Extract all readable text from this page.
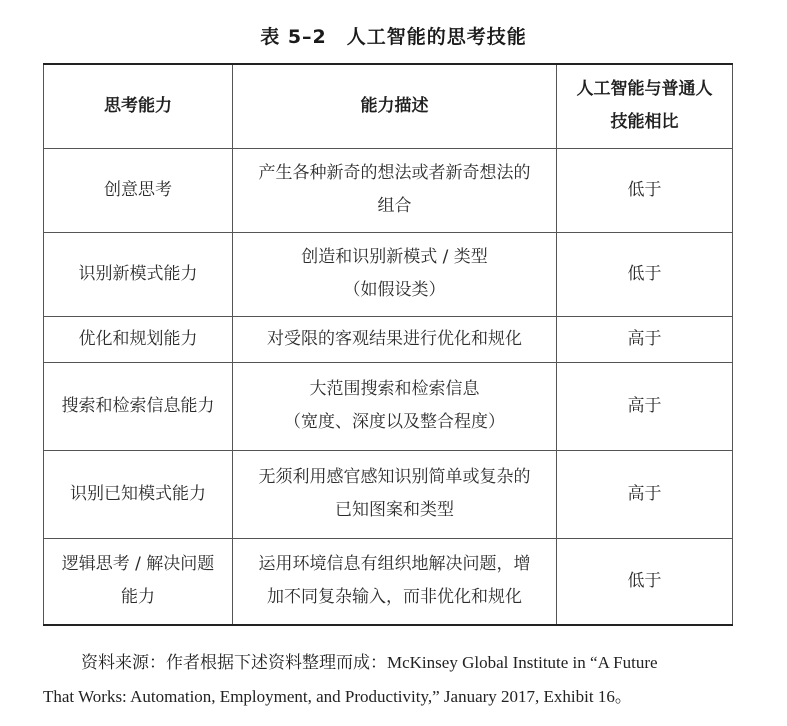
表 5–2　人工智能的思考技能
思考能力	能力描述	人工智能与普通人
技能相比

创意思考	产生各种新奇的想法或者新奇想法的
组合	低于

识别新模式能力	创造和识别新模式 / 类型
（如假设类）	低于

优化和规划能力	对受限的客观结果进行优化和规化	高于

搜索和检索信息能力	大范围搜索和检索信息
（宽度、深度以及整合程度）	高于

识别已知模式能力	无须利用感官感知识别简单或复杂的
已知图案和类型	高于

逻辑思考 / 解决问题
能力	运用环境信息有组织地解决问题，增
加不同复杂输入，而非优化和规化	低于
资料来源：作者根据下述资料整理而成：McKinsey Global Institute in “A Future
That Works: Automation, Employment, and Productivity,” January 2017, Exhibit 16。
